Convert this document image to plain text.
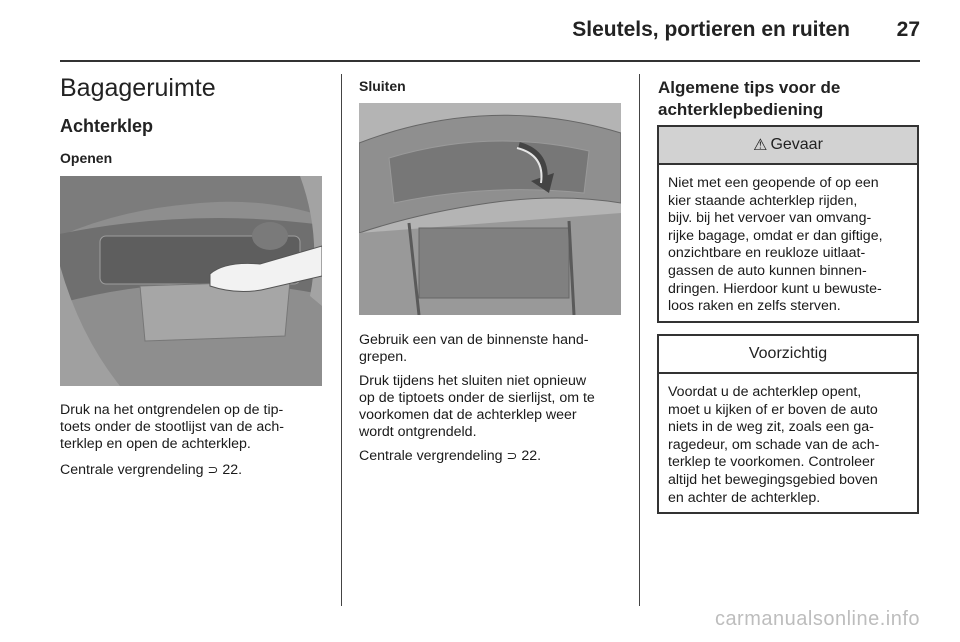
Sleutels, portieren en ruiten	27
Bagageruimte
Achterklep
Openen

Druk na het ontgrendelen op de tip-
toets onder de stootlijst van de ach-
terklep en open de achterklep.

Centrale vergrendeling ⊃ 22.

Sluiten

Gebruik een van de binnenste hand-
grepen.

Druk tijdens het sluiten niet opnieuw
op de tiptoets onder de sierlijst, om te
voorkomen dat de achterklep weer
wordt ontgrendeld.

Centrale vergrendeling ⊃ 22.

Algemene tips voor de
achterklepbediening
⚠ Gevaar
Niet met een geopende of op een
kier staande achterklep rijden,
bijv. bij het vervoer van omvang-
rijke bagage, omdat er dan giftige,
onzichtbare en reukloze uitlaat-
gassen de auto kunnen binnen-
dringen. Hierdoor kunt u bewuste-
loos raken en zelfs sterven.
Voorzichtig
Voordat u de achterklep opent,
moet u kijken of er boven de auto
niets in de weg zit, zoals een ga-
ragedeur, om schade van de ach-
terklep te voorkomen. Controleer
altijd het bewegingsgebied boven
en achter de achterklep.
carmanualsonline.info
